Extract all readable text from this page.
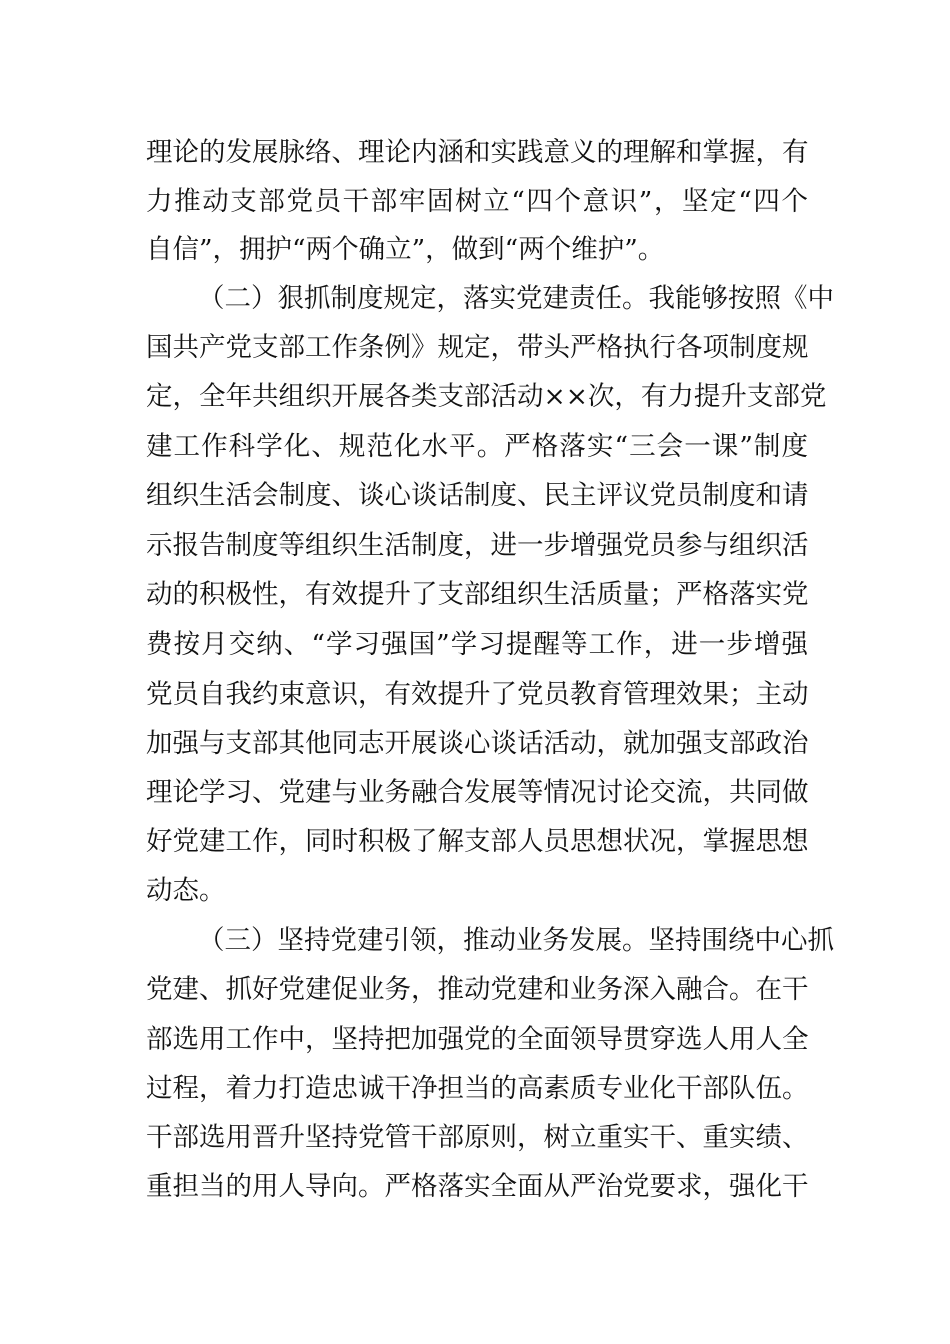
理论的发展脉络、理论内涵和实践意义的理解和掌握，有
力推动支部党员干部牢固树立“四个意识”，坚定“四个
自信”，拥护“两个确立”，做到“两个维护”。
（二）狠抓制度规定，落实党建责任。我能够按照《中
国共产党支部工作条例》规定，带头严格执行各项制度规
定，全年共组织开展各类支部活动××次，有力提升支部党
建工作科学化、规范化水平。严格落实“三会一课”制度
组织生活会制度、谈心谈话制度、民主评议党员制度和请
示报告制度等组织生活制度，进一步增强党员参与组织活
动的积极性，有效提升了支部组织生活质量；严格落实党
费按月交纳、“学习强国”学习提醒等工作，进一步增强
党员自我约束意识，有效提升了党员教育管理效果；主动
加强与支部其他同志开展谈心谈话活动，就加强支部政治
理论学习、党建与业务融合发展等情况讨论交流，共同做
好党建工作，同时积极了解支部人员思想状况，掌握思想
动态。
（三）坚持党建引领，推动业务发展。坚持围绕中心抓
党建、抓好党建促业务，推动党建和业务深入融合。在干
部选用工作中，坚持把加强党的全面领导贯穿选人用人全
过程，着力打造忠诚干净担当的高素质专业化干部队伍。
干部选用晋升坚持党管干部原则，树立重实干、重实绩、
重担当的用人导向。严格落实全面从严治党要求，强化干
